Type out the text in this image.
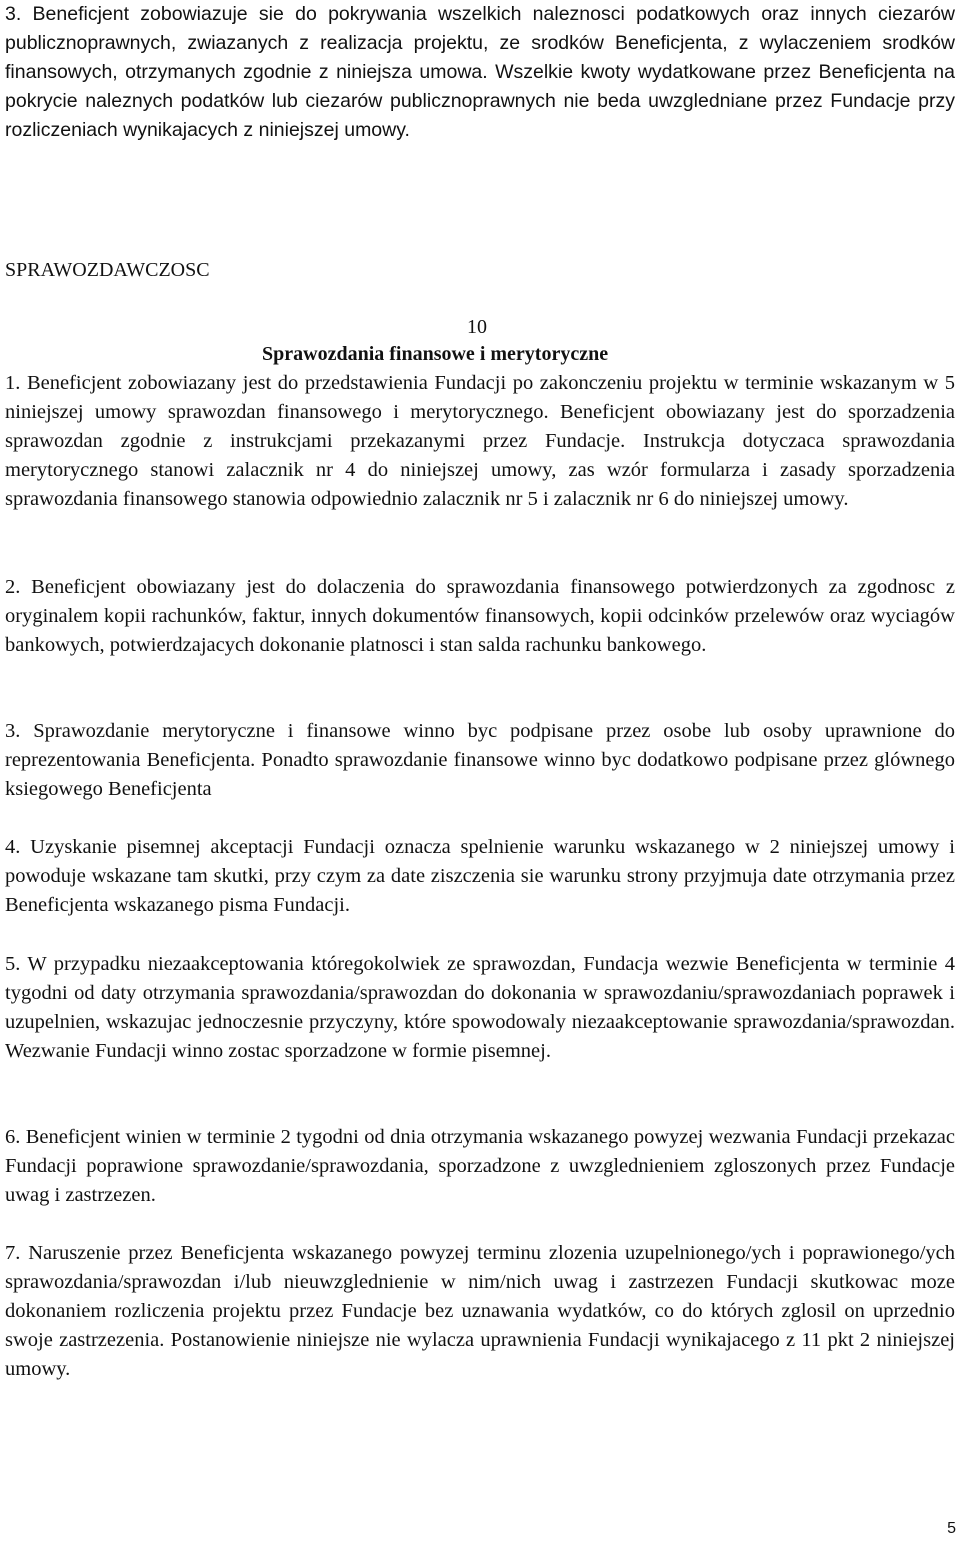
3. Beneficjent zobowiazuje sie do pokrywania wszelkich naleznosci podatkowych oraz innych ciezarów publicznoprawnych, zwiazanych z realizacja projektu, ze srodków Beneficjenta, z wylaczeniem srodków finansowych, otrzymanych zgodnie z niniejsza umowa. Wszelkie kwoty wydatkowane przez Beneficjenta na pokrycie naleznych podatków lub ciezarów publicznoprawnych nie beda uwzgledniane przez Fundacje przy rozliczeniach wynikajacych z niniejszej umowy.

SPRAWOZDAWCZOSC

10

Sprawozdania finansowe i merytoryczne

1. Beneficjent zobowiazany jest do przedstawienia Fundacji po zakonczeniu projektu w terminie wskazanym w 5 niniejszej umowy sprawozdan finansowego i merytorycznego. Beneficjent obowiazany jest do sporzadzenia sprawozdan zgodnie z instrukcjami przekazanymi przez Fundacje. Instrukcja dotyczaca sprawozdania merytorycznego stanowi zalacznik nr 4 do niniejszej umowy, zas wzór formularza i zasady sporzadzenia sprawozdania finansowego stanowia odpowiednio zalacznik nr 5 i zalacznik nr 6 do niniejszej umowy.

2. Beneficjent obowiazany jest do dolaczenia do sprawozdania finansowego potwierdzonych za zgodnosc z oryginalem kopii rachunków, faktur, innych dokumentów finansowych, kopii odcinków przelewów oraz wyciagów bankowych, potwierdzajacych dokonanie platnosci i stan salda rachunku bankowego.

3. Sprawozdanie merytoryczne i finansowe winno byc podpisane przez osobe lub osoby uprawnione do reprezentowania Beneficjenta. Ponadto sprawozdanie finansowe winno byc dodatkowo podpisane przez glównego ksiegowego Beneficjenta

4. Uzyskanie pisemnej akceptacji Fundacji oznacza spelnienie warunku wskazanego w 2 niniejszej umowy i powoduje wskazane tam skutki, przy czym za date ziszczenia sie warunku strony przyjmuja date otrzymania przez Beneficjenta wskazanego pisma Fundacji.

5. W przypadku niezaakceptowania któregokolwiek ze sprawozdan, Fundacja wezwie Beneficjenta w terminie 4 tygodni od daty otrzymania sprawozdania/sprawozdan do dokonania w sprawozdaniu/sprawozdaniach poprawek i uzupelnien, wskazujac jednoczesnie przyczyny, które spowodowaly niezaakceptowanie sprawozdania/sprawozdan. Wezwanie Fundacji winno zostac sporzadzone w formie pisemnej.

6. Beneficjent winien w terminie 2 tygodni od dnia otrzymania wskazanego powyzej wezwania Fundacji przekazac Fundacji poprawione sprawozdanie/sprawozdania, sporzadzone z uwzglednieniem zgloszonych przez Fundacje uwag i zastrzezen.

7. Naruszenie przez Beneficjenta wskazanego powyzej terminu zlozenia uzupelnionego/ych i poprawionego/ych sprawozdania/sprawozdan i/lub nieuwzglednienie w nim/nich uwag i zastrzezen Fundacji skutkowac moze dokonaniem rozliczenia projektu przez Fundacje bez uznawania wydatków, co do których zglosil on uprzednio swoje zastrzezenia. Postanowienie niniejsze nie wylacza uprawnienia Fundacji wynikajacego z 11 pkt 2 niniejszej umowy.

5
